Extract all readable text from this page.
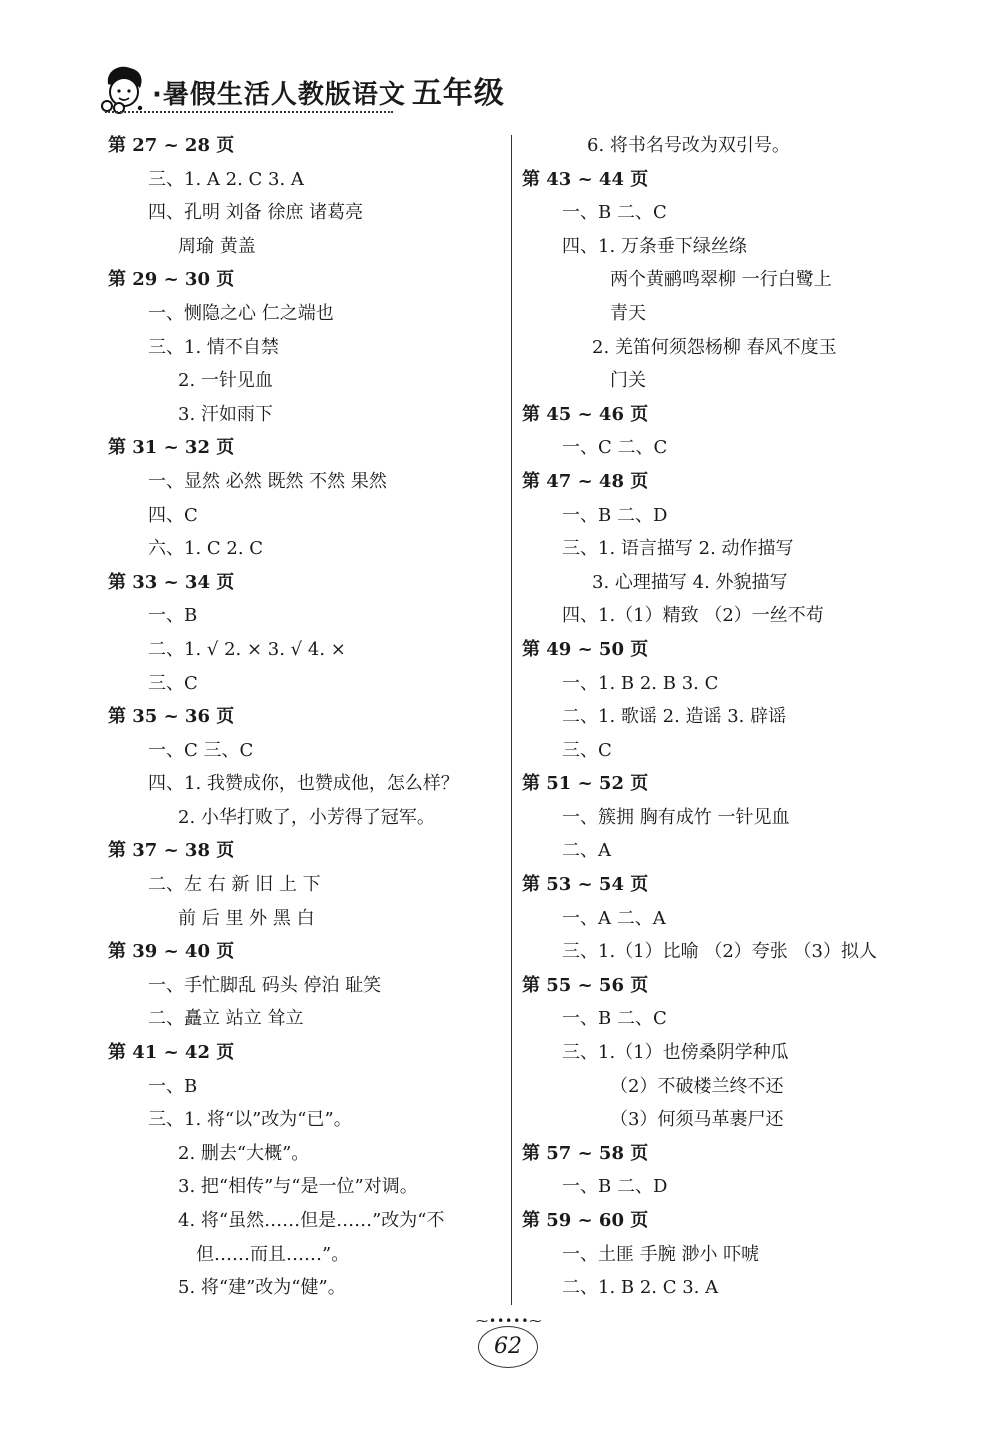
·暑假生活人教版语文 五年级
第 27 ~ 28 页
三、1. A 2. C 3. A
四、孔明 刘备 徐庶 诸葛亮
周瑜 黄盖
第 29 ~ 30 页
一、恻隐之心 仁之端也
三、1. 情不自禁
2. 一针见血
3. 汗如雨下
第 31 ~ 32 页
一、显然 必然 既然 不然 果然
四、C
六、1. C 2. C
第 33 ~ 34 页
一、B
二、1. √ 2. × 3. √ 4. ×
三、C
第 35 ~ 36 页
一、C 三、C
四、1. 我赞成你，也赞成他，怎么样？
2. 小华打败了，小芳得了冠军。
第 37 ~ 38 页
二、左 右 新 旧 上 下
前 后 里 外 黑 白
第 39 ~ 40 页
一、手忙脚乱 码头 停泊 耻笑
二、矗立 站立 耸立
第 41 ~ 42 页
一、B
三、1. 将“以”改为“已”。
2. 删去“大概”。
3. 把“相传”与“是一位”对调。
4. 将“虽然……但是……”改为“不
但……而且……”。
5. 将“建”改为“健”。
6. 将书名号改为双引号。
第 43 ~ 44 页
一、B 二、C
四、1. 万条垂下绿丝绦
两个黄鹂鸣翠柳 一行白鹭上
青天
2. 羌笛何须怨杨柳 春风不度玉
门关
第 45 ~ 46 页
一、C 二、C
第 47 ~ 48 页
一、B 二、D
三、1. 语言描写 2. 动作描写
3. 心理描写 4. 外貌描写
四、1.（1）精致 （2）一丝不苟
第 49 ~ 50 页
一、1. B 2. B 3. C
二、1. 歌谣 2. 造谣 3. 辟谣
三、C
第 51 ~ 52 页
一、簇拥 胸有成竹 一针见血
二、A
第 53 ~ 54 页
一、A 二、A
三、1.（1）比喻 （2）夸张 （3）拟人
第 55 ~ 56 页
一、B 二、C
三、1.（1）也傍桑阴学种瓜
（2）不破楼兰终不还
（3）何须马革裹尸还
第 57 ~ 58 页
一、B 二、D
第 59 ~ 60 页
一、土匪 手腕 渺小 吓唬
二、1. B 2. C 3. A
⁓•••••⁓
62
